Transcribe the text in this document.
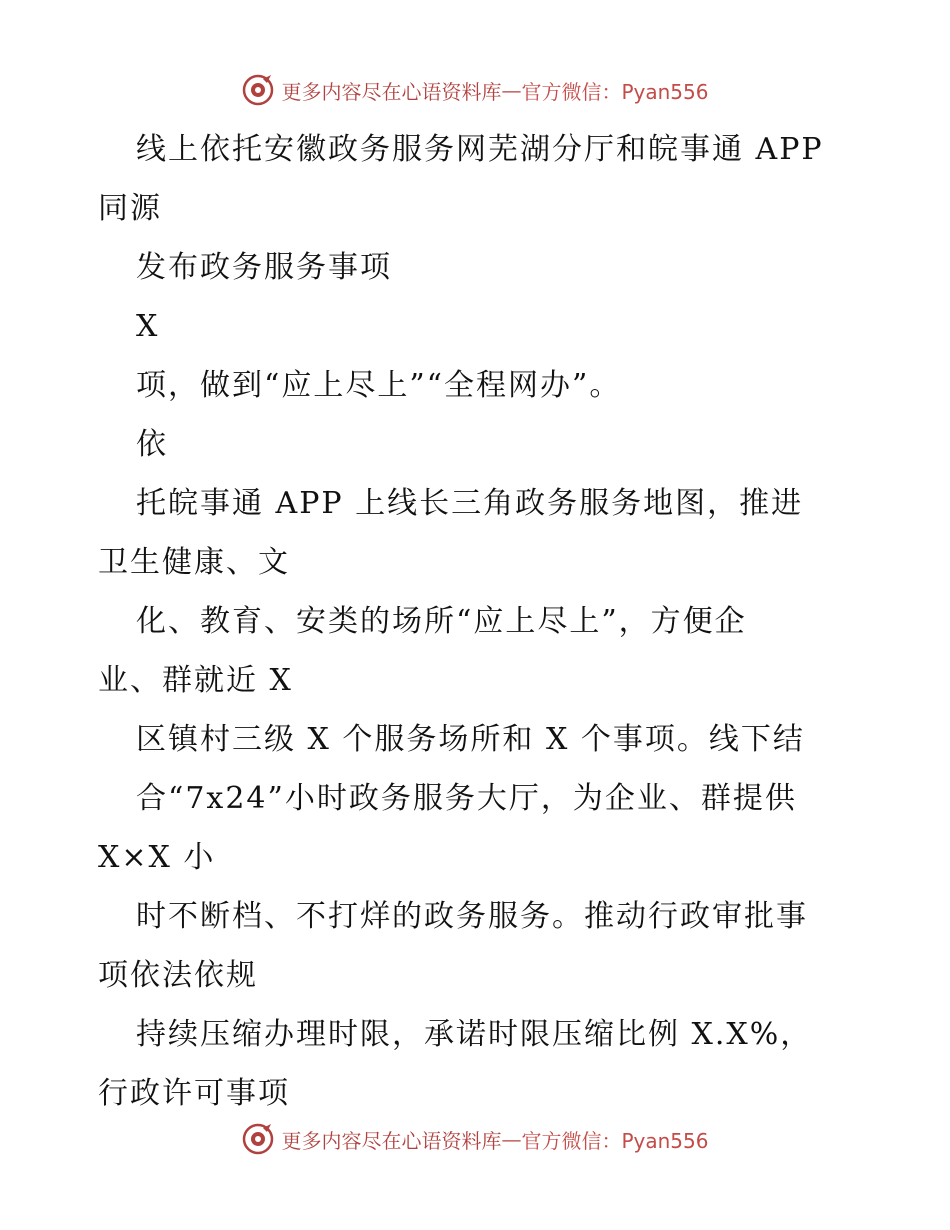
更多内容尽在心语资料库 — 官方微信：Pyan556
线上依托安徽政务服务网芜湖分厅和皖事通 APP
同源
发布政务服务事项
X
项，做到“应上尽上”“全程网办”。
依
托皖事通 APP 上线长三角政务服务地图，推进
卫生健康、文
化、教育、安类的场所“应上尽上”，方便企
业、群就近 X
区镇村三级 X 个服务场所和 X 个事项。线下结
合“7x24”小时政务服务大厅，为企业、群提供
X×X 小
时不断档、不打烊的政务服务。推动行政审批事
项依法依规
持续压缩办理时限，承诺时限压缩比例 X.X%，
行政许可事项
更多内容尽在心语资料库 — 官方微信：Pyan556
